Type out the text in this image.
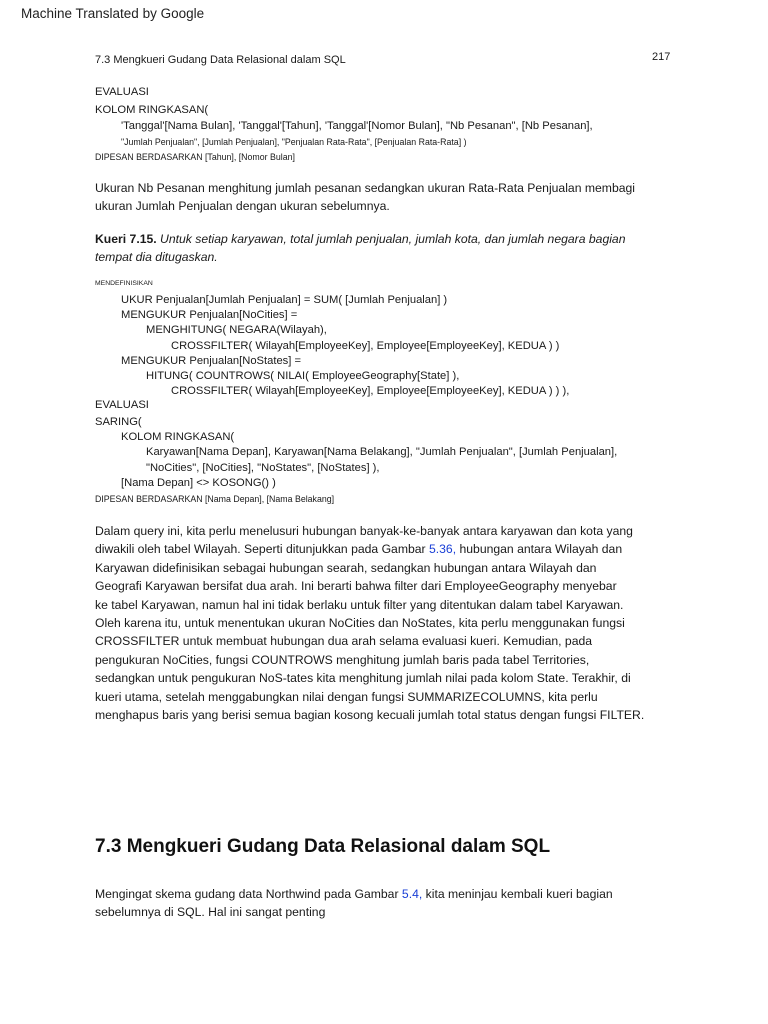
Machine Translated by Google
7.3 Mengkueri Gudang Data Relasional dalam SQL	217
EVALUASI
KOLOM RINGKASAN(
'Tanggal'[Nama Bulan], 'Tanggal'[Tahun], 'Tanggal'[Nomor Bulan], "Nb Pesanan", [Nb Pesanan],
"Jumlah Penjualan", [Jumlah Penjualan], "Penjualan Rata-Rata", [Penjualan Rata-Rata] )
DIPESAN BERDASARKAN [Tahun], [Nomor Bulan]
Ukuran Nb Pesanan menghitung jumlah pesanan sedangkan ukuran Rata-Rata Penjualan membagi
ukuran Jumlah Penjualan dengan ukuran sebelumnya.
Kueri 7.15. Untuk setiap karyawan, total jumlah penjualan, jumlah kota, dan jumlah negara bagian
tempat dia ditugaskan.
MENDEFINISIKAN
UKUR Penjualan[Jumlah Penjualan] = SUM( [Jumlah Penjualan] )
MENGUKUR Penjualan[NoCities] =
MENGHITUNG( NEGARA(Wilayah),
CROSSFILTER( Wilayah[EmployeeKey], Employee[EmployeeKey], KEDUA ) )
MENGUKUR Penjualan[NoStates] =
HITUNG( COUNTROWS( NILAI( EmployeeGeography[State] ),
CROSSFILTER( Wilayah[EmployeeKey], Employee[EmployeeKey], KEDUA ) ) ),
EVALUASI
SARING(
KOLOM RINGKASAN(
Karyawan[Nama Depan], Karyawan[Nama Belakang], "Jumlah Penjualan", [Jumlah Penjualan],
"NoCities", [NoCities], "NoStates", [NoStates] ),
[Nama Depan] <> KOSONG() )
DIPESAN BERDASARKAN [Nama Depan], [Nama Belakang]
Dalam query ini, kita perlu menelusuri hubungan banyak-ke-banyak antara karyawan dan kota yang
diwakili oleh tabel Wilayah. Seperti ditunjukkan pada Gambar 5.36, hubungan antara Wilayah dan
Karyawan didefinisikan sebagai hubungan searah, sedangkan hubungan antara Wilayah dan
Geografi Karyawan bersifat dua arah. Ini berarti bahwa filter dari EmployeeGeography menyebar
ke tabel Karyawan, namun hal ini tidak berlaku untuk filter yang ditentukan dalam tabel Karyawan.
Oleh karena itu, untuk menentukan ukuran NoCities dan NoStates, kita perlu menggunakan fungsi
CROSSFILTER untuk membuat hubungan dua arah selama evaluasi kueri. Kemudian, pada
pengukuran NoCities, fungsi COUNTROWS menghitung jumlah baris pada tabel Territories,
sedangkan untuk pengukuran NoS-tates kita menghitung jumlah nilai pada kolom State. Terakhir, di
kueri utama, setelah menggabungkan nilai dengan fungsi SUMMARIZECOLUMNS, kita perlu
menghapus baris yang berisi semua bagian kosong kecuali jumlah total status dengan fungsi FILTER.
7.3 Mengkueri Gudang Data Relasional dalam SQL
Mengingat skema gudang data Northwind pada Gambar 5.4, kita meninjau kembali kueri bagian
sebelumnya di SQL. Hal ini sangat penting
